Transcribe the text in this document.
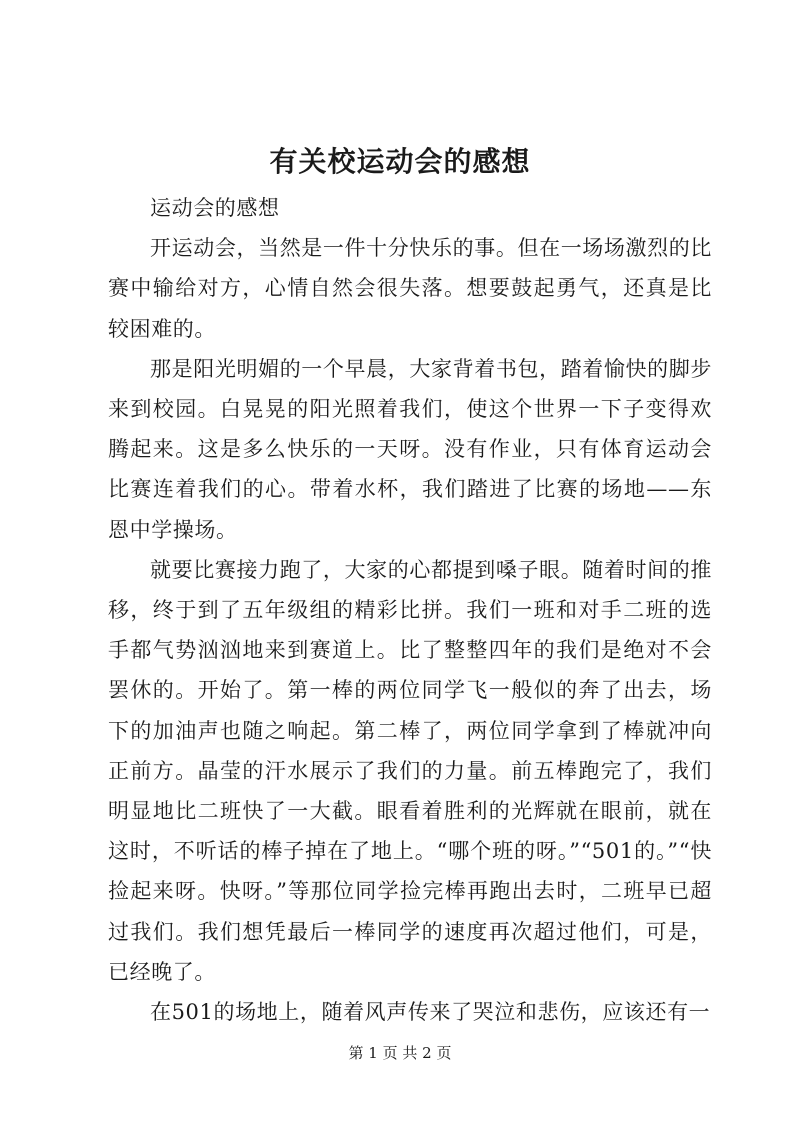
有关校运动会的感想

运动会的感想

开运动会，当然是一件十分快乐的事。但在一场场激烈的比赛中输给对方，心情自然会很失落。想要鼓起勇气，还真是比较困难的。

那是阳光明媚的一个早晨，大家背着书包，踏着愉快的脚步来到校园。白晃晃的阳光照着我们，使这个世界一下子变得欢腾起来。这是多么快乐的一天呀。没有作业，只有体育运动会比赛连着我们的心。带着水杯，我们踏进了比赛的场地——东恩中学操场。

就要比赛接力跑了，大家的心都提到嗓子眼。随着时间的推移，终于到了五年级组的精彩比拼。我们一班和对手二班的选手都气势汹汹地来到赛道上。比了整整四年的我们是绝对不会罢休的。开始了。第一棒的两位同学飞一般似的奔了出去，场下的加油声也随之响起。第二棒了，两位同学拿到了棒就冲向正前方。晶莹的汗水展示了我们的力量。前五棒跑完了，我们明显地比二班快了一大截。眼看着胜利的光辉就在眼前，就在这时，不听话的棒子掉在了地上。“哪个班的呀。”“501的。”“快捡起来呀。快呀。”等那位同学捡完棒再跑出去时，二班早已超过我们。我们想凭最后一棒同学的速度再次超过他们，可是，已经晚了。

在501的场地上，随着风声传来了哭泣和悲伤，应该还有一

第 1 页 共 2 页
